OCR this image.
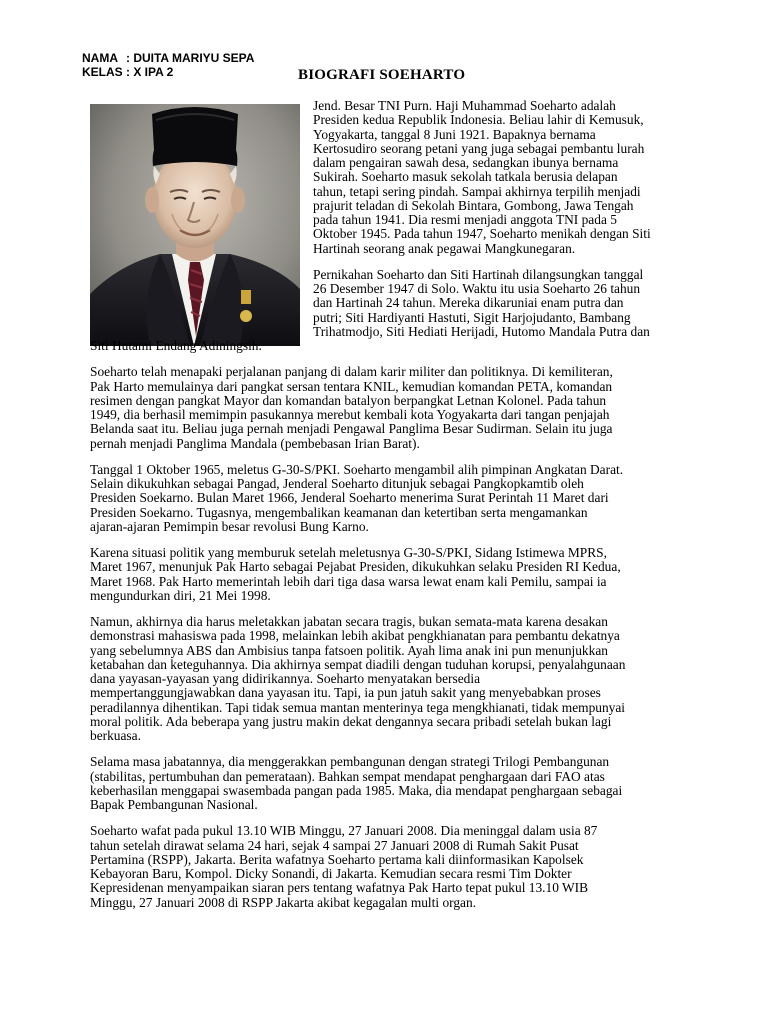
NAMA : DUITA MARIYU SEPA
KELAS : X IPA 2	BIOGRAFI SOEHARTO
Jend. Besar TNI Purn. Haji Muhammad Soeharto adalah
Presiden kedua Republik Indonesia. Beliau lahir di Kemusuk,
Yogyakarta, tanggal 8 Juni 1921. Bapaknya bernama
Kertosudiro seorang petani yang juga sebagai pembantu lurah
dalam pengairan sawah desa, sedangkan ibunya bernama
Sukirah. Soeharto masuk sekolah tatkala berusia delapan
tahun, tetapi sering pindah. Sampai akhirnya terpilih menjadi
prajurit teladan di Sekolah Bintara, Gombong, Jawa Tengah
pada tahun 1941. Dia resmi menjadi anggota TNI pada 5
Oktober 1945. Pada tahun 1947, Soeharto menikah dengan Siti
Hartinah seorang anak pegawai Mangkunegaran.
Pernikahan Soeharto dan Siti Hartinah dilangsungkan tanggal
26 Desember 1947 di Solo. Waktu itu usia Soeharto 26 tahun
dan Hartinah 24 tahun. Mereka dikaruniai enam putra dan
putri; Siti Hardiyanti Hastuti, Sigit Harjojudanto, Bambang
Trihatmodjo, Siti Hediati Herijadi, Hutomo Mandala Putra dan
Siti Hutami Endang Adiningsih.
Soeharto telah menapaki perjalanan panjang di dalam karir militer dan politiknya. Di kemiliteran,
Pak Harto memulainya dari pangkat sersan tentara KNIL, kemudian komandan PETA, komandan
resimen dengan pangkat Mayor dan komandan batalyon berpangkat Letnan Kolonel. Pada tahun
1949, dia berhasil memimpin pasukannya merebut kembali kota Yogyakarta dari tangan penjajah
Belanda saat itu. Beliau juga pernah menjadi Pengawal Panglima Besar Sudirman. Selain itu juga
pernah menjadi Panglima Mandala (pembebasan Irian Barat).
Tanggal 1 Oktober 1965, meletus G-30-S/PKI. Soeharto mengambil alih pimpinan Angkatan Darat.
Selain dikukuhkan sebagai Pangad, Jenderal Soeharto ditunjuk sebagai Pangkopkamtib oleh
Presiden Soekarno. Bulan Maret 1966, Jenderal Soeharto menerima Surat Perintah 11 Maret dari
Presiden Soekarno. Tugasnya, mengembalikan keamanan dan ketertiban serta mengamankan
ajaran-ajaran Pemimpin besar revolusi Bung Karno.
Karena situasi politik yang memburuk setelah meletusnya G-30-S/PKI, Sidang Istimewa MPRS,
Maret 1967, menunjuk Pak Harto sebagai Pejabat Presiden, dikukuhkan selaku Presiden RI Kedua,
Maret 1968. Pak Harto memerintah lebih dari tiga dasa warsa lewat enam kali Pemilu, sampai ia
mengundurkan diri, 21 Mei 1998.
Namun, akhirnya dia harus meletakkan jabatan secara tragis, bukan semata-mata karena desakan
demonstrasi mahasiswa pada 1998, melainkan lebih akibat pengkhianatan para pembantu dekatnya
yang sebelumnya ABS dan Ambisius tanpa fatsoen politik. Ayah lima anak ini pun menunjukkan
ketabahan dan keteguhannya. Dia akhirnya sempat diadili dengan tuduhan korupsi, penyalahgunaan
dana yayasan-yayasan yang didirikannya. Soeharto menyatakan bersedia
mempertanggungjawabkan dana yayasan itu. Tapi, ia pun jatuh sakit yang menyebabkan proses
peradilannya dihentikan. Tapi tidak semua mantan menterinya tega mengkhianati, tidak mempunyai
moral politik. Ada beberapa yang justru makin dekat dengannya secara pribadi setelah bukan lagi
berkuasa.
Selama masa jabatannya, dia menggerakkan pembangunan dengan strategi Trilogi Pembangunan
(stabilitas, pertumbuhan dan pemerataan). Bahkan sempat mendapat penghargaan dari FAO atas
keberhasilan menggapai swasembada pangan pada 1985. Maka, dia mendapat penghargaan sebagai
Bapak Pembangunan Nasional.
Soeharto wafat pada pukul 13.10 WIB Minggu, 27 Januari 2008. Dia meninggal dalam usia 87
tahun setelah dirawat selama 24 hari, sejak 4 sampai 27 Januari 2008 di Rumah Sakit Pusat
Pertamina (RSPP), Jakarta. Berita wafatnya Soeharto pertama kali diinformasikan Kapolsek
Kebayoran Baru, Kompol. Dicky Sonandi, di Jakarta. Kemudian secara resmi Tim Dokter
Kepresidenan menyampaikan siaran pers tentang wafatnya Pak Harto tepat pukul 13.10 WIB
Minggu, 27 Januari 2008 di RSPP Jakarta akibat kegagalan multi organ.
